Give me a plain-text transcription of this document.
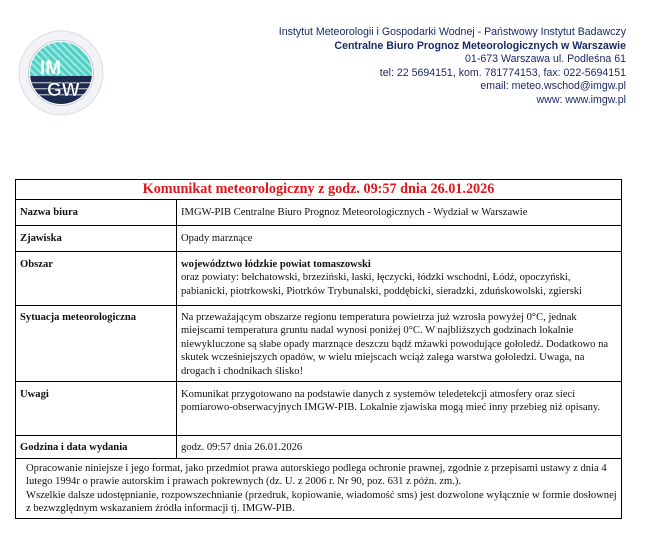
IM
GW
Instytut Meteorologii i Gospodarki Wodnej - Państwowy Instytut Badawczy
Centralne Biuro Prognoz Meteorologicznych w Warszawie
01-673 Warszawa ul. Podleśna 61
tel: 22 5694151, kom. 781774153, fax: 022-5694151
email: meteo.wschod@imgw.pl
www: www.imgw.pl
Komunikat meteorologiczny z godz. 09:57 dnia 26.01.2026	
Nazwa biura	IMGW-PIB Centralne Biuro Prognoz Meteorologicznych - Wydział w Warszawie
Zjawiska	Opady marznące
Obszar	województwo łódzkie powiat tomaszowski
oraz powiaty: bełchatowski, brzeziński, łaski, łęczycki, łódzki wschodni, Łódź, opoczyński, pabianicki, piotrkowski, Piotrków Trybunalski, poddębicki, sieradzki, zduńskowolski, zgierski

Sytuacja meteorologiczna	Na przeważającym obszarze regionu temperatura powietrza już wzrosła powyżej 0°C, jednak miejscami temperatura gruntu nadal wynosi poniżej 0°C. W najbliższych godzinach lokalnie niewykluczone są słabe opady marznące deszczu bądź mżawki powodujące gołoledź. Dodatkowo na skutek wcześniejszych opadów, w wielu miejscach wciąż zalega warstwa gołoledzi. Uwaga, na drogach i chodnikach ślisko!
Uwagi	Komunikat przygotowano na podstawie danych z systemów teledetekcji atmosfery oraz sieci pomiarowo-obserwacyjnych IMGW-PIB. Lokalnie zjawiska mogą mieć inny przebieg niż opisany.
Godzina i data wydania	godz. 09:57 dnia 26.01.2026

Opracowanie niniejsze i jego format, jako przedmiot prawa autorskiego podlega ochronie prawnej, zgodnie z przepisami ustawy z dnia 4 lutego 1994r o prawie autorskim i prawach pokrewnych (dz. U. z 2006 r. Nr 90, poz. 631 z późn. zm.).
Wszelkie dalsze udostępnianie, rozpowszechnianie (przedruk, kopiowanie, wiadomość sms) jest dozwolone wyłącznie w formie dosłownej z bezwzględnym wskazaniem źródła informacji tj. IMGW-PIB.	
